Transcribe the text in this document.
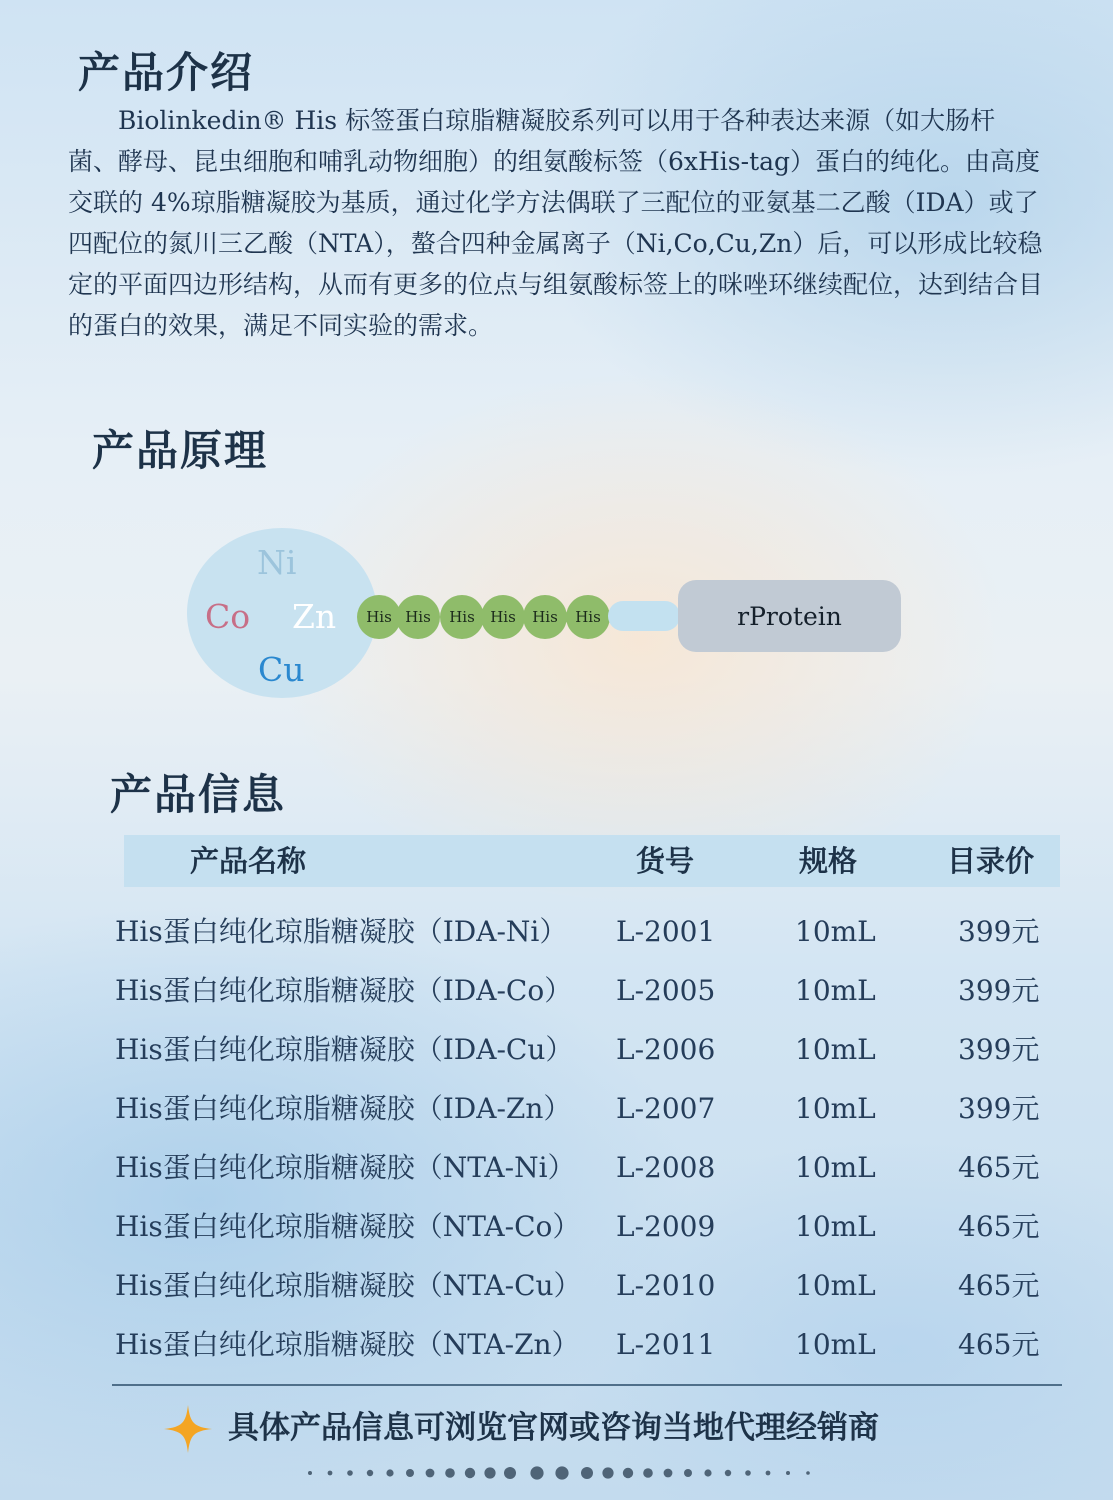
产品介绍
Biolinkedin® His 标签蛋白琼脂糖凝胶系列可以用于各种表达来源（如大肠杆菌、酵母、昆虫细胞和哺乳动物细胞）的组氨酸标签（6xHis-tag）蛋白的纯化。由高度交联的 4%琼脂糖凝胶为基质，通过化学方法偶联了三配位的亚氨基二乙酸（IDA）或了四配位的氮川三乙酸（NTA），螯合四种金属离子（Ni,Co,Cu,Zn）后，可以形成比较稳定的平面四边形结构，从而有更多的位点与组氨酸标签上的咪唑环继续配位，达到结合目的蛋白的效果，满足不同实验的需求。
产品原理
Ni
Co Zn
Cu
His His	His	His	His	His	rProtein
产品信息
产品名称	货号	规格	目录价
His蛋白纯化琼脂糖凝胶（IDA-Ni） L-2001	10mL	399元
His蛋白纯化琼脂糖凝胶（IDA-Co） L-2005	10mL	399元
His蛋白纯化琼脂糖凝胶（IDA-Cu） L-2006	10mL	399元
His蛋白纯化琼脂糖凝胶（IDA-Zn） L-2007	10mL	399元
His蛋白纯化琼脂糖凝胶（NTA-Ni） L-2008	10mL	465元
His蛋白纯化琼脂糖凝胶（NTA-Co） L-2009	10mL	465元
His蛋白纯化琼脂糖凝胶（NTA-Cu） L-2010	10mL	465元
His蛋白纯化琼脂糖凝胶（NTA-Zn） L-2011	10mL	465元
具体产品信息可浏览官网或咨询当地代理经销商
